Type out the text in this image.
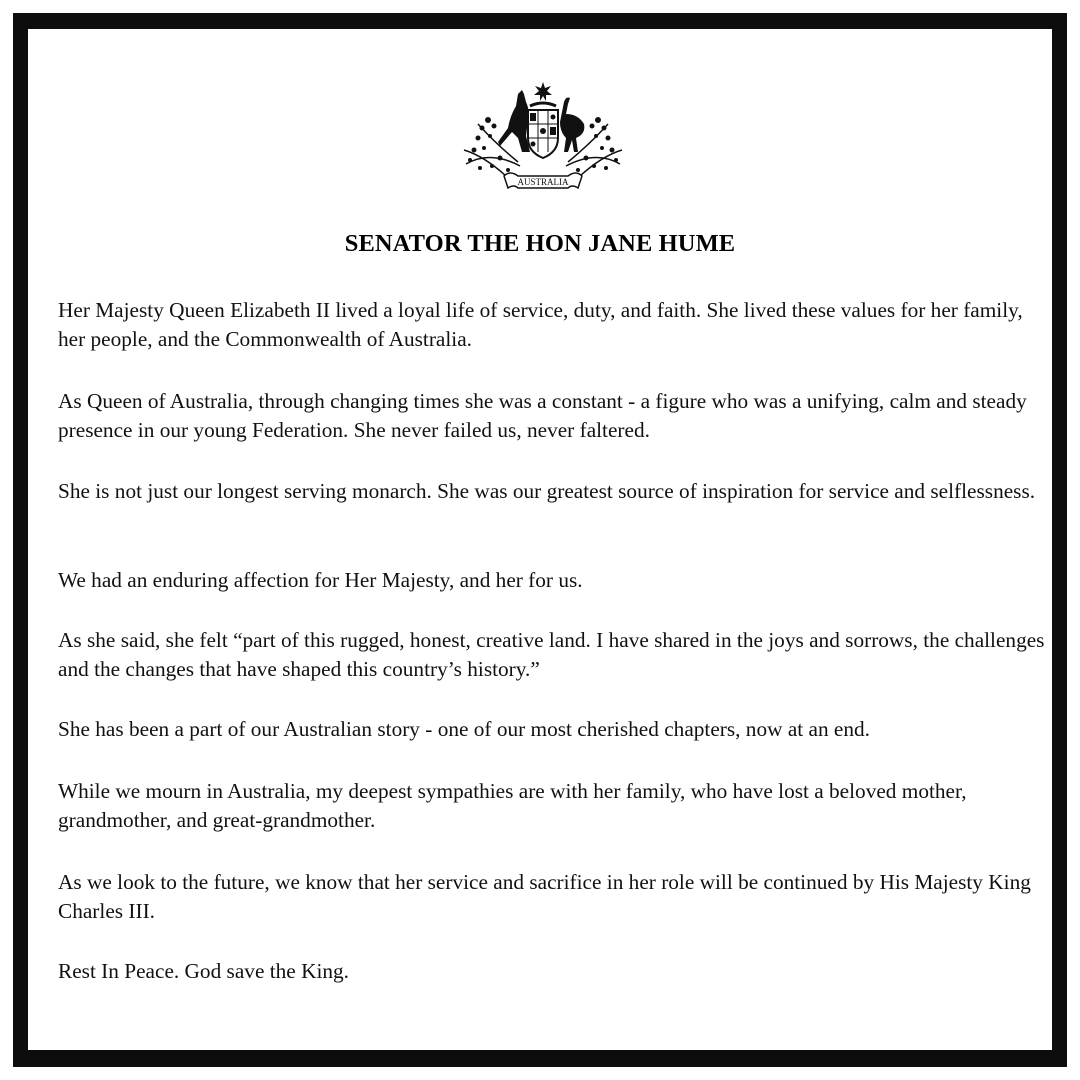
AUSTRALIA
SENATOR THE HON JANE HUME

Her Majesty Queen Elizabeth II lived a loyal life of service, duty, and faith. She lived these values for her family, her people, and the Commonwealth of Australia.

As Queen of Australia, through changing times she was a constant - a figure who was a unifying, calm and steady presence in our young Federation. She never failed us, never faltered.

She is not just our longest serving monarch. She was our greatest source of inspiration for service and selflessness.

We had an enduring affection for Her Majesty, and her for us.

As she said, she felt “part of this rugged, honest, creative land. I have shared in the joys and sorrows, the challenges and the changes that have shaped this country’s history.”

She has been a part of our Australian story - one of our most cherished chapters, now at an end.

While we mourn in Australia, my deepest sympathies are with her family, who have lost a beloved mother, grandmother, and great-grandmother.

As we look to the future, we know that her service and sacrifice in her role will be continued by His Majesty King Charles III.

Rest In Peace. God save the King.
